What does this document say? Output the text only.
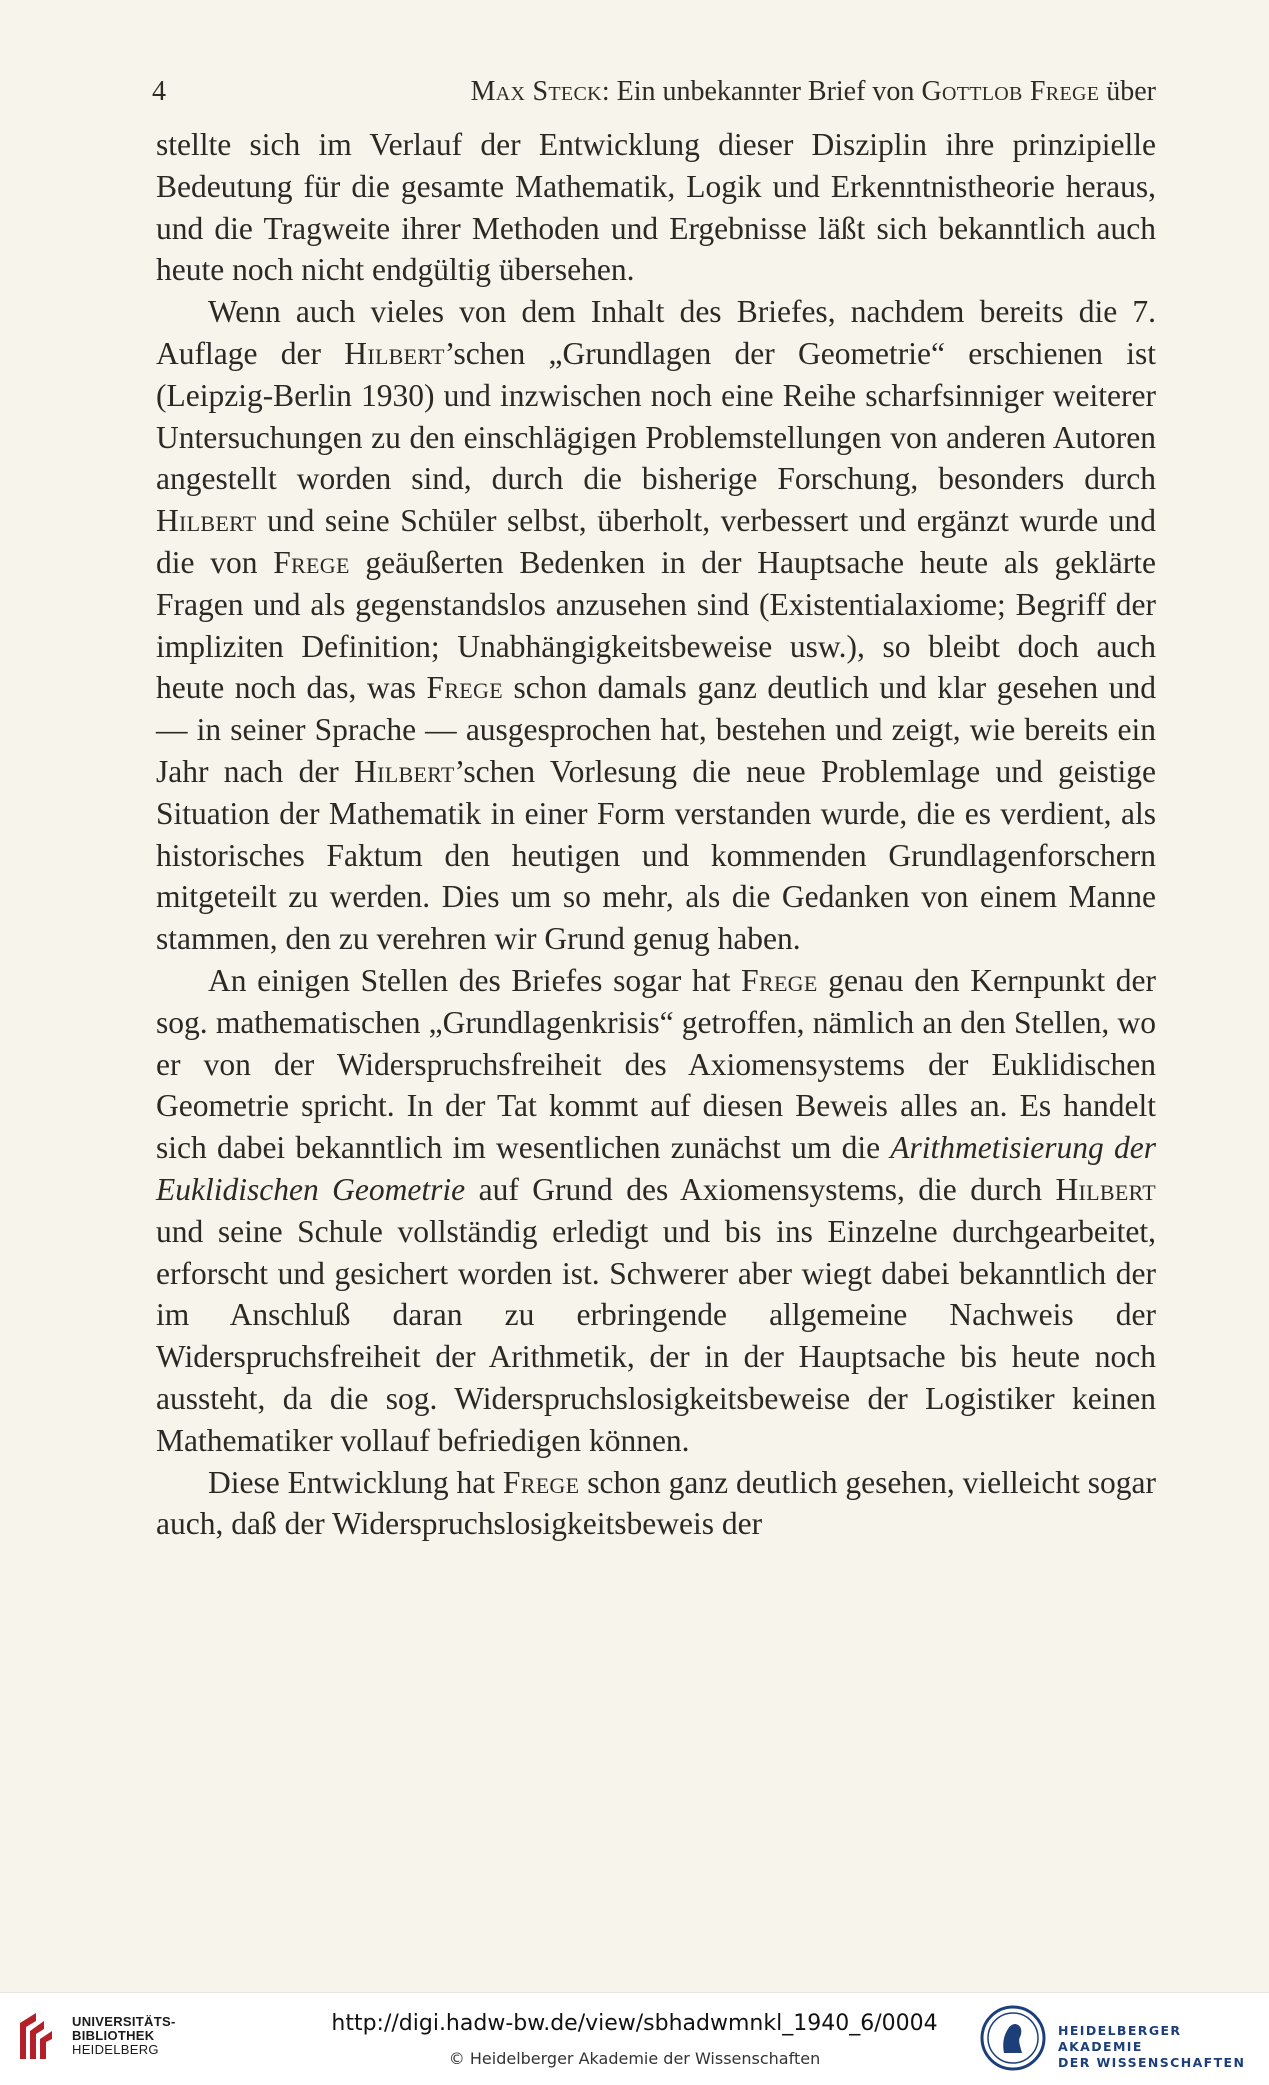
4	Max Steck: Ein unbekannter Brief von Gottlob Frege über

stellte sich im Verlauf der Entwicklung dieser Disziplin ihre prinzipielle Bedeutung für die gesamte Mathematik, Logik und Erkenntnistheorie heraus, und die Tragweite ihrer Methoden und Ergebnisse läßt sich bekanntlich auch heute noch nicht endgültig übersehen.

Wenn auch vieles von dem Inhalt des Briefes, nachdem bereits die 7. Auflage der Hilbert’schen „Grundlagen der Geometrie“ erschienen ist (Leipzig-Berlin 1930) und inzwischen noch eine Reihe scharfsinniger weiterer Untersuchungen zu den einschlägigen Problemstellungen von anderen Autoren angestellt worden sind, durch die bisherige Forschung, besonders durch Hilbert und seine Schüler selbst, überholt, verbessert und ergänzt wurde und die von Frege geäußerten Bedenken in der Hauptsache heute als geklärte Fragen und als gegenstandslos anzusehen sind (Existentialaxiome; Begriff der impliziten Definition; Unabhängigkeitsbeweise usw.), so bleibt doch auch heute noch das, was Frege schon damals ganz deutlich und klar gesehen und — in seiner Sprache — ausgesprochen hat, bestehen und zeigt, wie bereits ein Jahr nach der Hilbert’schen Vorlesung die neue Problemlage und geistige Situation der Mathematik in einer Form verstanden wurde, die es verdient, als historisches Faktum den heutigen und kommenden Grundlagenforschern mitgeteilt zu werden. Dies um so mehr, als die Gedanken von einem Manne stammen, den zu verehren wir Grund genug haben.

An einigen Stellen des Briefes sogar hat Frege genau den Kernpunkt der sog. mathematischen „Grundlagenkrisis“ getroffen, nämlich an den Stellen, wo er von der Widerspruchsfreiheit des Axiomensystems der Euklidischen Geometrie spricht. In der Tat kommt auf diesen Beweis alles an. Es handelt sich dabei bekanntlich im wesentlichen zunächst um die Arithmetisierung der Euklidischen Geometrie auf Grund des Axiomensystems, die durch Hilbert und seine Schule vollständig erledigt und bis ins Einzelne durchgearbeitet, erforscht und gesichert worden ist. Schwerer aber wiegt dabei bekanntlich der im Anschluß daran zu erbringende allgemeine Nachweis der Widerspruchsfreiheit der Arithmetik, der in der Hauptsache bis heute noch aussteht, da die sog. Widerspruchslosigkeitsbeweise der Logistiker keinen Mathematiker vollauf befriedigen können.

Diese Entwicklung hat Frege schon ganz deutlich gesehen, vielleicht sogar auch, daß der Widerspruchslosigkeitsbeweis der

UNIVERSITÄTS-
BIBLIOTHEK
HEIDELBERG
http://digi.hadw-bw.de/view/sbhadwmnkl_1940_6/0004
© Heidelberger Akademie der Wissenschaften
HEIDELBERGER AKADEMIE
DER WISSENSCHAFTEN
